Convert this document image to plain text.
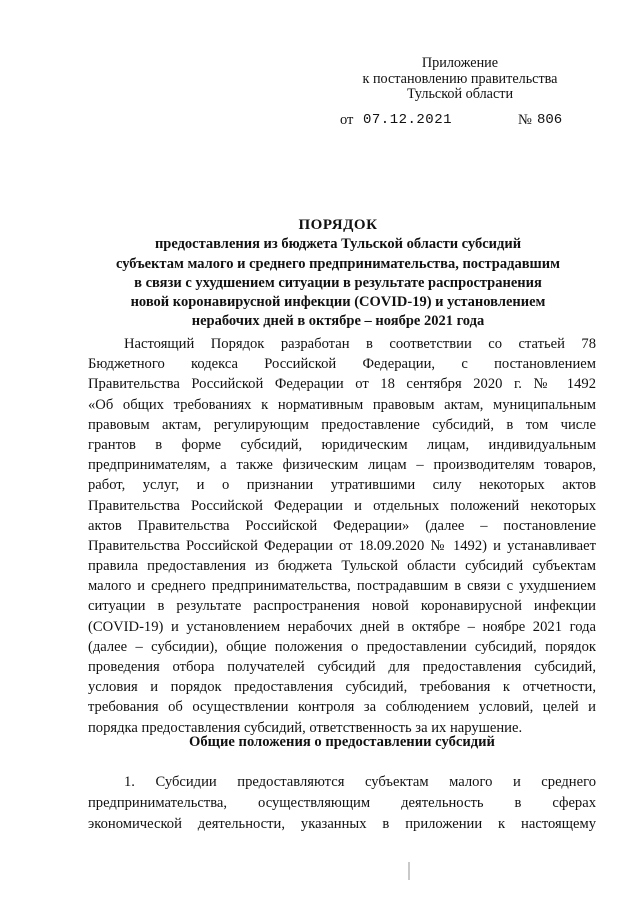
Приложение
к постановлению правительства
Тульской области
от 07.12.2021	№ 806
ПОРЯДОК
предоставления из бюджета Тульской области субсидий
субъектам малого и среднего предпринимательства, пострадавшим
в связи с ухудшением ситуации в результате распространения
новой коронавирусной инфекции (COVID-19) и установлением
нерабочих дней в октябре – ноябре 2021 года
Настоящий Порядок разработан в соответствии со статьей 78
Бюджетного кодекса Российской Федерации, с постановлением
Правительства Российской Федерации от 18 сентября 2020 г. № 1492
«Об общих требованиях к нормативным правовым актам, муниципальным
правовым актам, регулирующим предоставление субсидий, в том числе
грантов в форме субсидий, юридическим лицам, индивидуальным
предпринимателям, а также физическим лицам – производителям товаров,
работ, услуг, и о признании утратившими силу некоторых актов
Правительства Российской Федерации и отдельных положений некоторых
актов Правительства Российской Федерации» (далее – постановление
Правительства Российской Федерации от 18.09.2020 № 1492) и устанавливает
правила предоставления из бюджета Тульской области субсидий субъектам
малого и среднего предпринимательства, пострадавшим в связи с ухудшением
ситуации в результате распространения новой коронавирусной инфекции
(COVID-19) и установлением нерабочих дней в октябре – ноябре 2021 года
(далее – субсидии), общие положения о предоставлении субсидий, порядок
проведения отбора получателей субсидий для предоставления субсидий,
условия и порядок предоставления субсидий, требования к отчетности,
требования об осуществлении контроля за соблюдением условий, целей и
порядка предоставления субсидий, ответственность за их нарушение.
Общие положения о предоставлении субсидий
1. Субсидии предоставляются субъектам малого и среднего
предпринимательства, осуществляющим деятельность в сферах
экономической деятельности, указанных в приложении к настоящему
